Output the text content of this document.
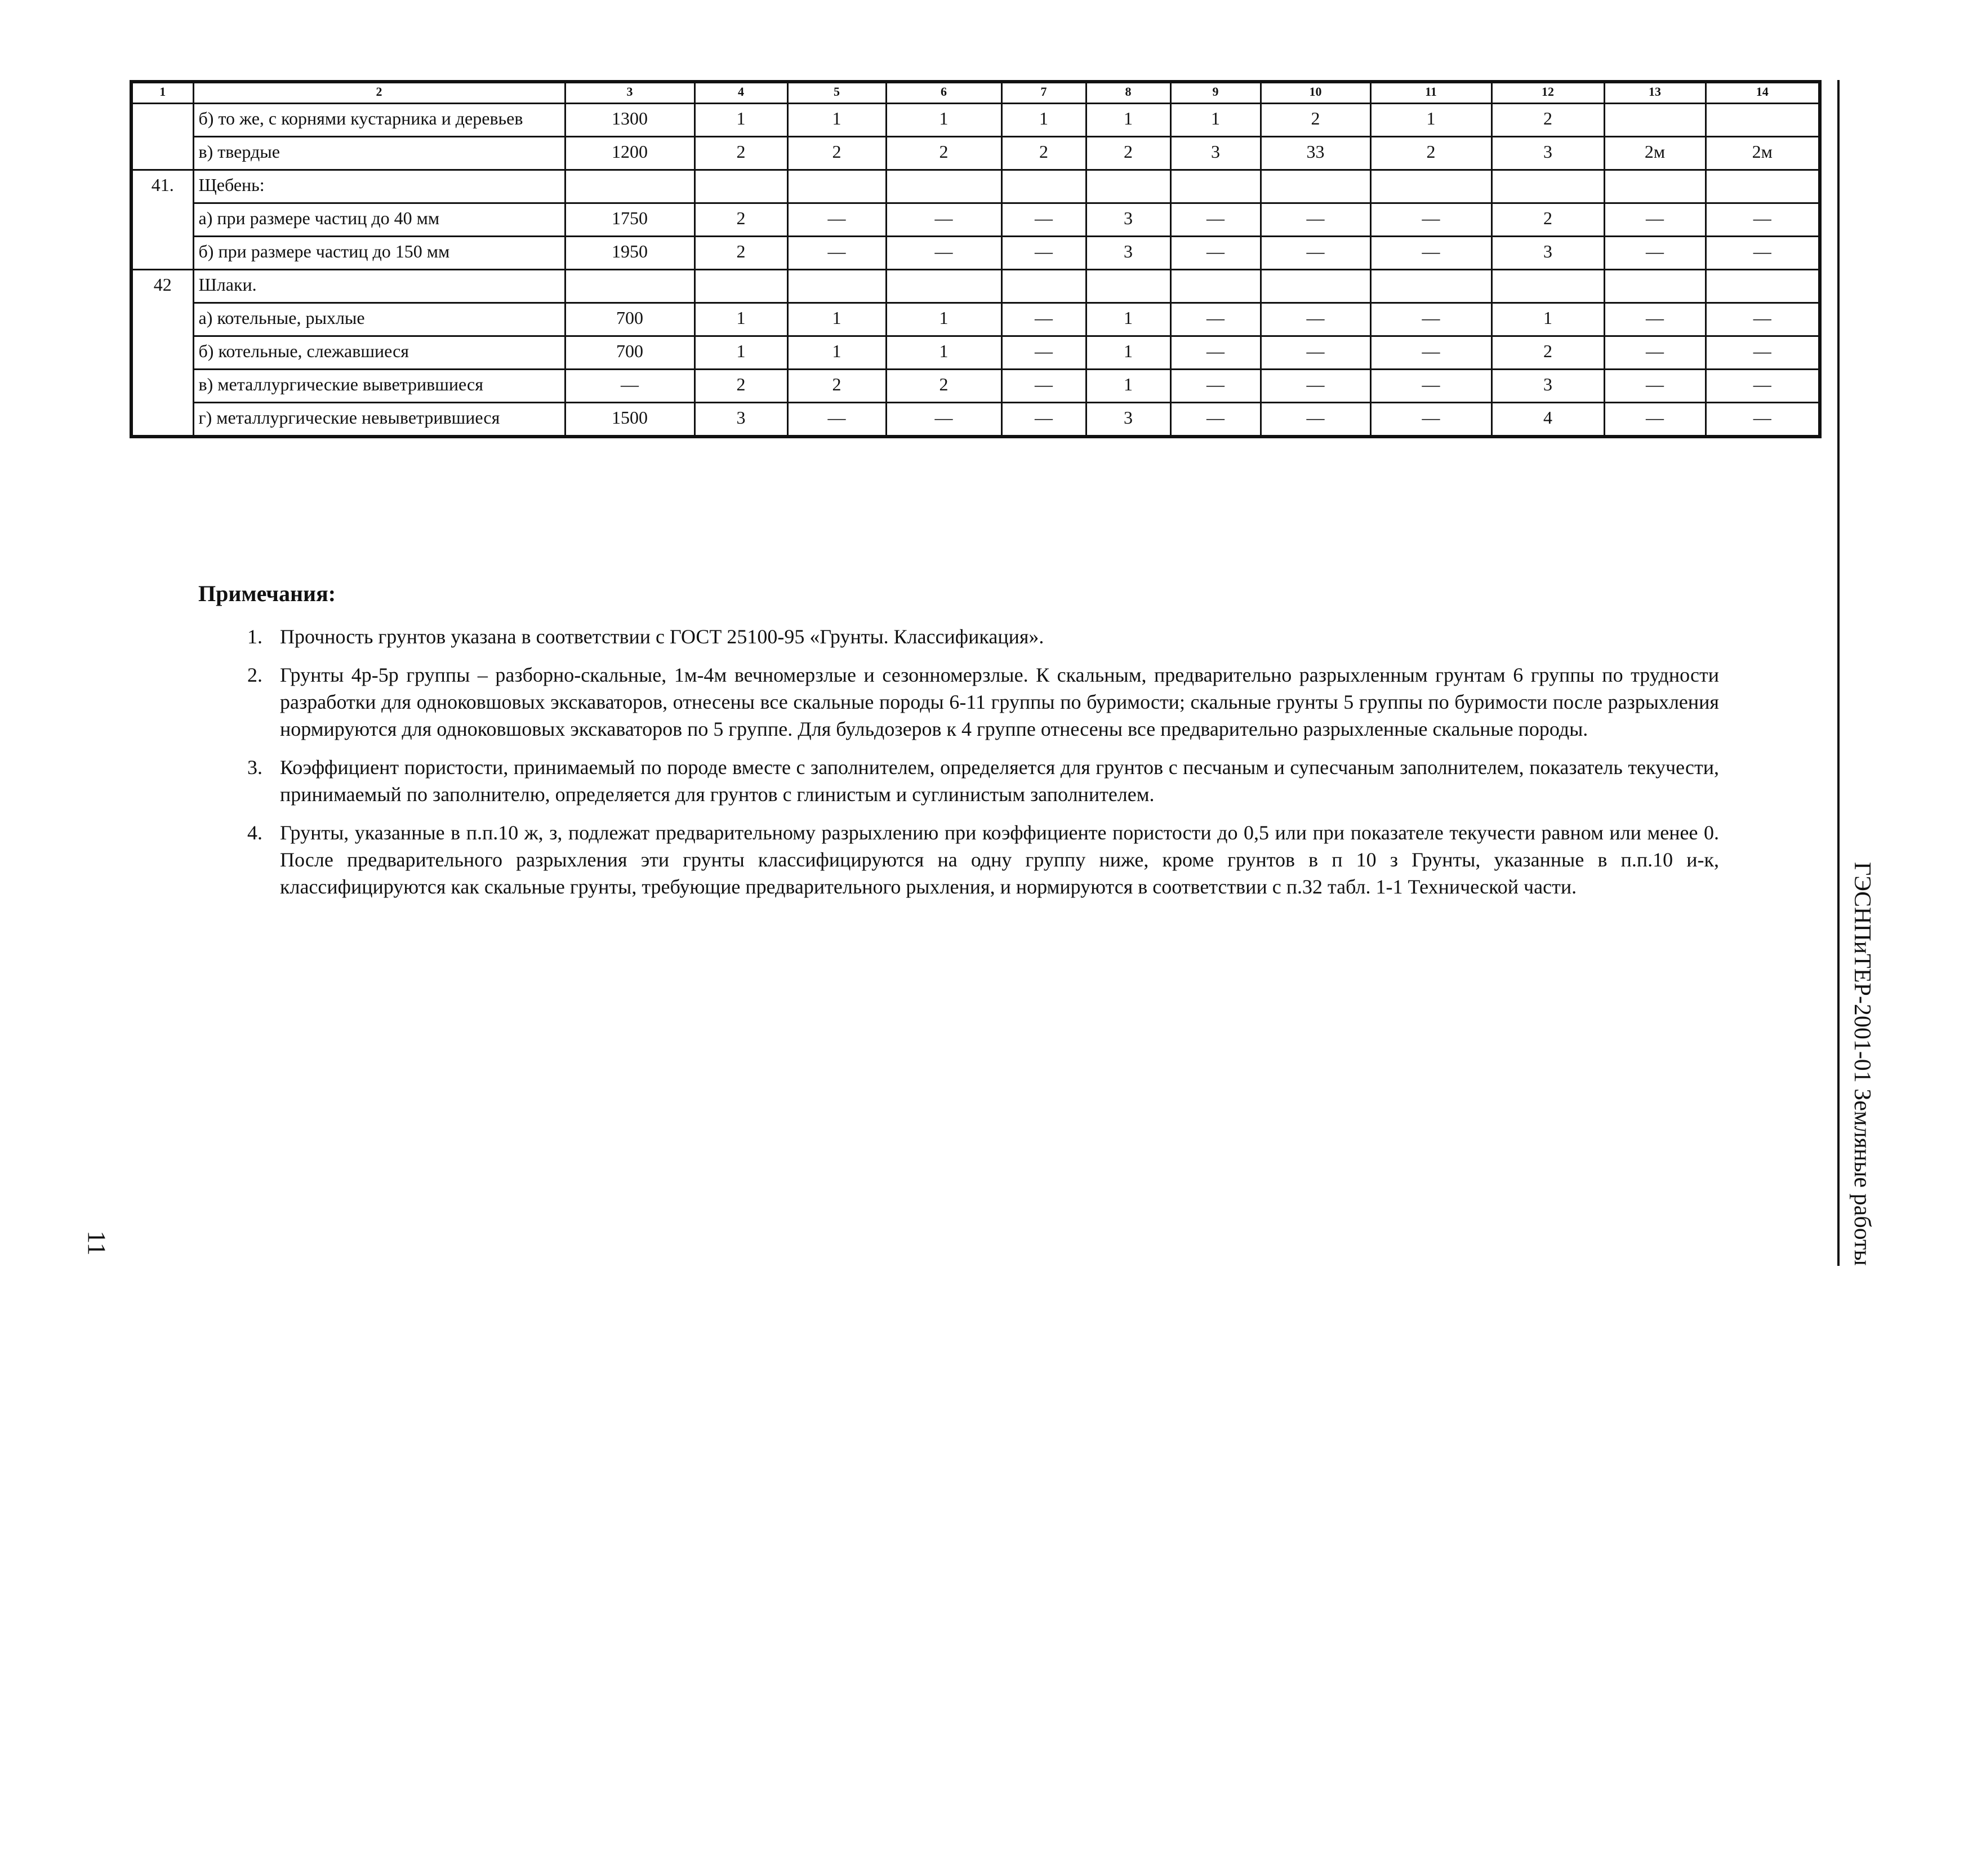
1	2	3	4	5	6	7	8	9	10	11	12	13	14
	б) то же, с корнями кустарника и деревьев	1300	1	1	1	1	1	1	2	1	2		
	в) твердые	1200	2	2	2	2	2	3	33	2	3	2м	2м
41.	Щебень:												
	а) при размере частиц до 40 мм	1750	2	—	—	—	3	—	—	—	2	—	—
	б) при размере частиц до 150 мм	1950	2	—	—	—	3	—	—	—	3	—	—
42	Шлаки.												
	а) котельные, рыхлые	700	1	1	1	—	1	—	—	—	1	—	—
	б) котельные, слежавшиеся	700	1	1	1	—	1	—	—	—	2	—	—
	в) металлургические выветрившиеся	—	2	2	2	—	1	—	—	—	3	—	—
	г) металлургические невыветрившиеся	1500	3	—	—	—	3	—	—	—	4	—	—
Примечания:
1. Прочность грунтов указана в соответствии с ГОСТ 25100-95 «Грунты. Классификация».
2. Грунты 4р-5р группы – разборно-скальные, 1м-4м вечномерзлые и сезонномерзлые. К скальным, предварительно разрыхленным грунтам 6 группы по трудности разработки для одноковшовых экскаваторов, отнесены все скальные породы 6-11 группы по буримости; скальные грунты 5 группы по буримости после разрыхления нормируются для одноковшовых экскаваторов по 5 группе. Для бульдозеров к 4 группе отнесены все предварительно разрыхленные скальные породы.
3. Коэффициент пористости, принимаемый по породе вместе с заполнителем, определяется для грунтов с песчаным и супесчаным заполнителем, показатель текучести, принимаемый по заполнителю, определяется для грунтов с глинистым и суглинистым заполнителем.
4. Грунты, указанные в п.п.10 ж, з, подлежат предварительному разрыхлению при коэффициенте пористости до 0,5 или при показателе текучести равном или менее 0. После предварительного разрыхления эти грунты классифицируются на одну группу ниже, кроме грунтов в п 10 з Грунты, указанные в п.п.10 и-к, классифицируются как скальные грунты, требующие предварительного рыхления, и нормируются в соответствии с п.32 табл. 1-1 Технической части.	ГЭСНПиТЕР-2001-01 Земляные работы
11
